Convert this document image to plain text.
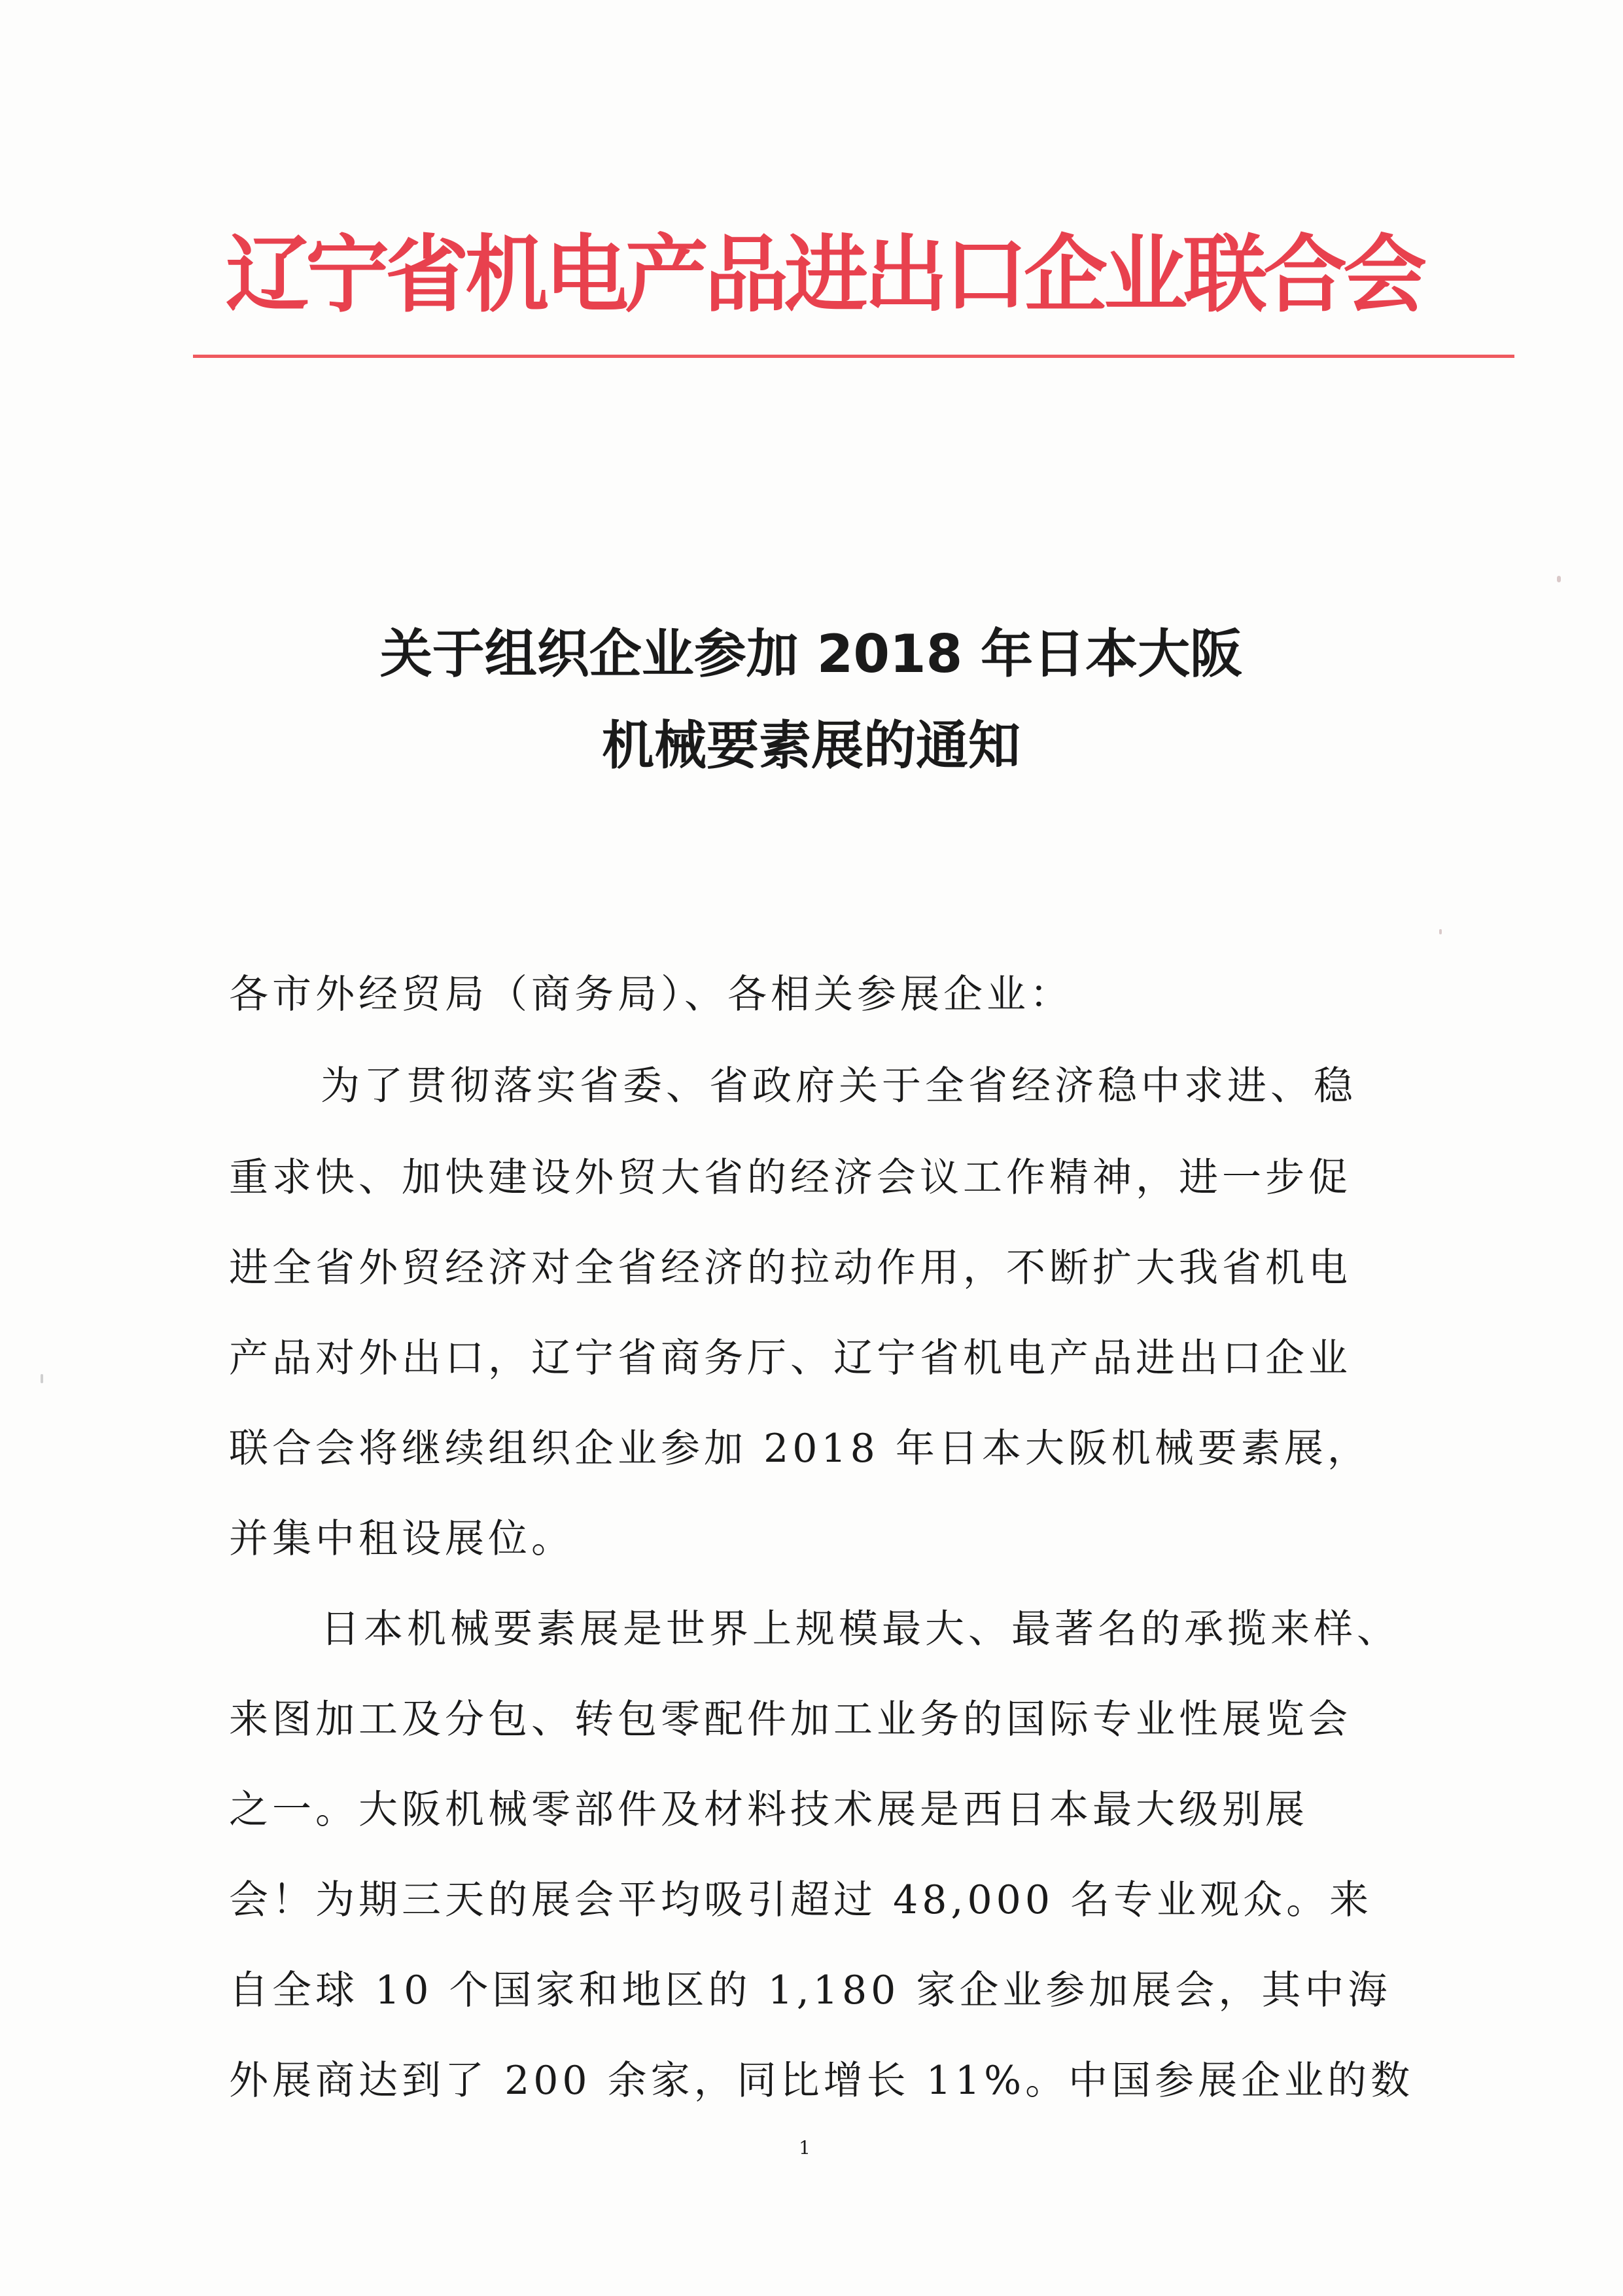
辽宁省机电产品进出口企业联合会
关于组织企业参加 2018 年日本大阪
机械要素展的通知
各市外经贸局（商务局）、各相关参展企业：
为了贯彻落实省委、省政府关于全省经济稳中求进、稳
重求快、加快建设外贸大省的经济会议工作精神，进一步促
进全省外贸经济对全省经济的拉动作用，不断扩大我省机电
产品对外出口，辽宁省商务厅、辽宁省机电产品进出口企业
联合会将继续组织企业参加 2018 年日本大阪机械要素展，
并集中租设展位。
日本机械要素展是世界上规模最大、最著名的承揽来样、
来图加工及分包、转包零配件加工业务的国际专业性展览会
之一。大阪机械零部件及材料技术展是西日本最大级别展
会！为期三天的展会平均吸引超过 48,000 名专业观众。来
自全球 10 个国家和地区的 1,180 家企业参加展会，其中海
外展商达到了 200 余家，同比增长 11%。中国参展企业的数
1
